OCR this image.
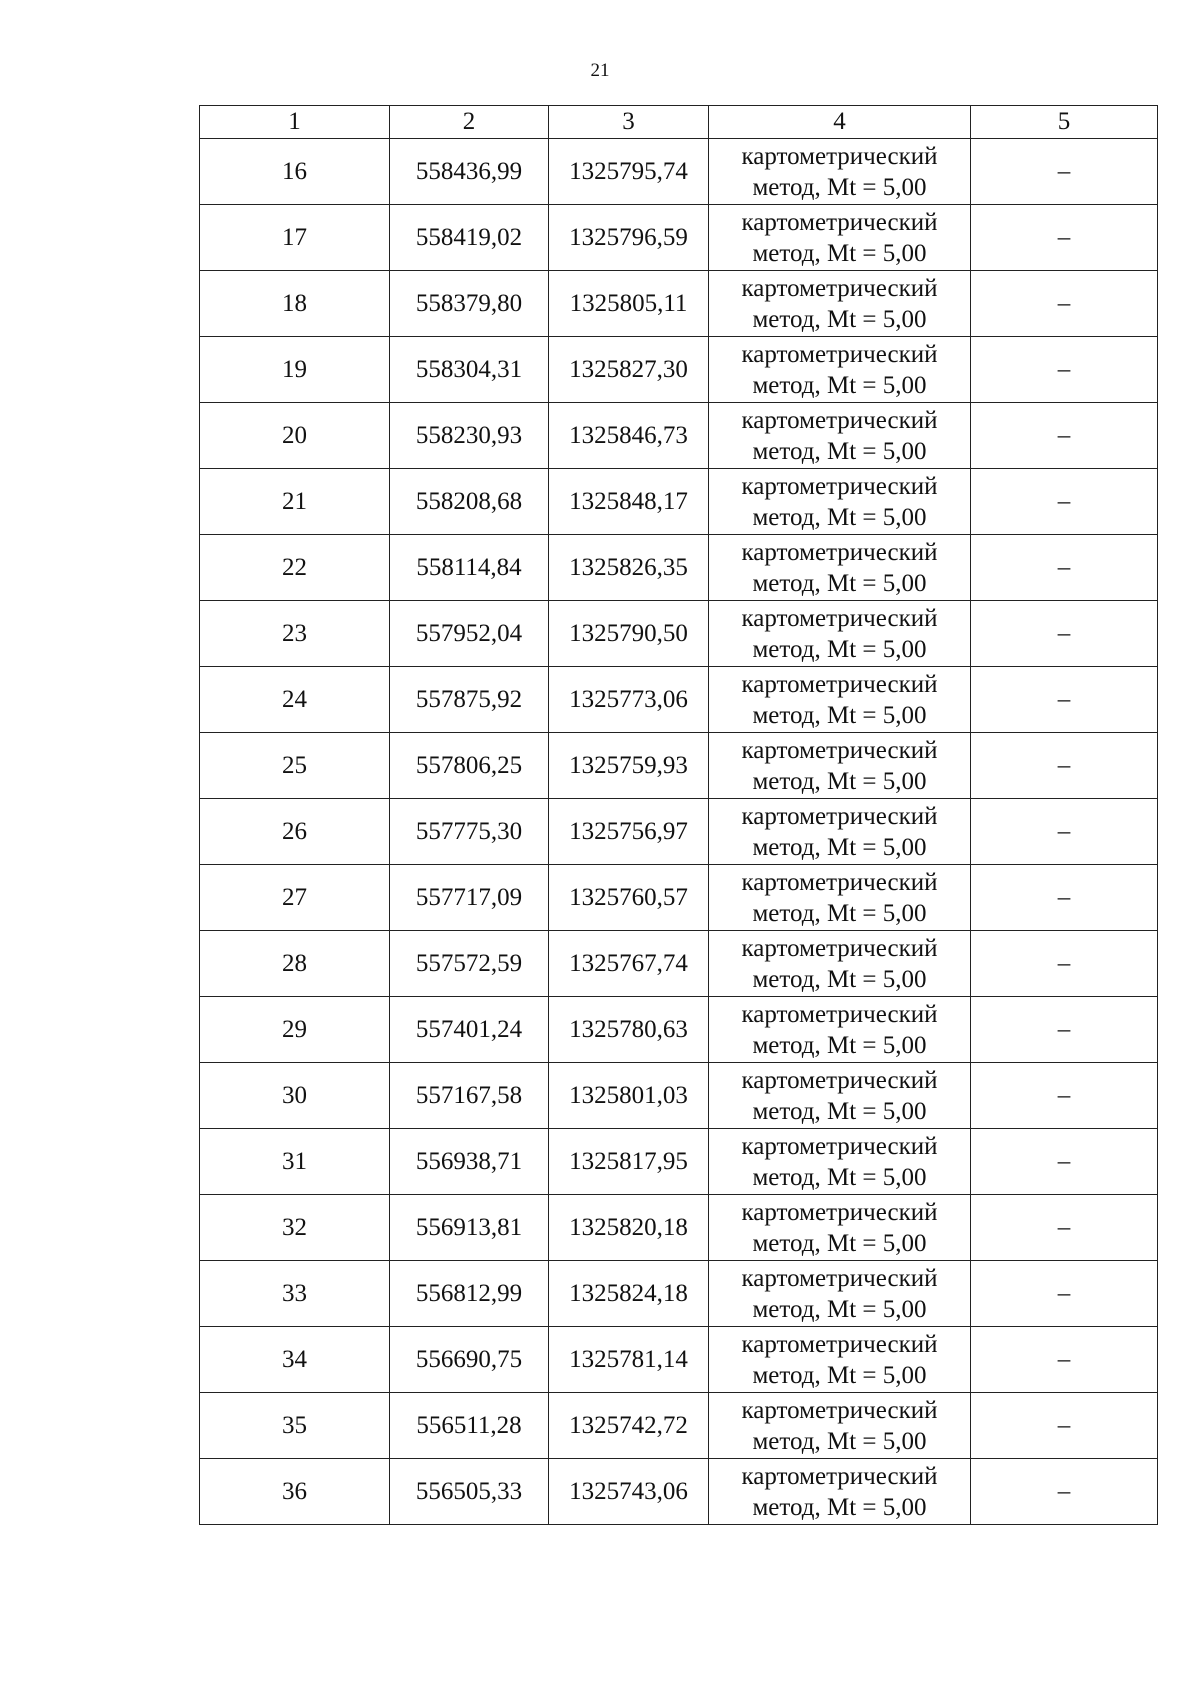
21
1	2	3	4	5
16	558436,99	1325795,74	картометрический
метод, Mt = 5,00	–
17	558419,02	1325796,59	картометрический
метод, Mt = 5,00	–
18	558379,80	1325805,11	картометрический
метод, Mt = 5,00	–
19	558304,31	1325827,30	картометрический
метод, Mt = 5,00	–
20	558230,93	1325846,73	картометрический
метод, Mt = 5,00	–
21	558208,68	1325848,17	картометрический
метод, Mt = 5,00	–
22	558114,84	1325826,35	картометрический
метод, Mt = 5,00	–
23	557952,04	1325790,50	картометрический
метод, Mt = 5,00	–
24	557875,92	1325773,06	картометрический
метод, Mt = 5,00	–
25	557806,25	1325759,93	картометрический
метод, Mt = 5,00	–
26	557775,30	1325756,97	картометрический
метод, Mt = 5,00	–
27	557717,09	1325760,57	картометрический
метод, Mt = 5,00	–
28	557572,59	1325767,74	картометрический
метод, Mt = 5,00	–
29	557401,24	1325780,63	картометрический
метод, Mt = 5,00	–
30	557167,58	1325801,03	картометрический
метод, Mt = 5,00	–
31	556938,71	1325817,95	картометрический
метод, Mt = 5,00	–
32	556913,81	1325820,18	картометрический
метод, Mt = 5,00	–
33	556812,99	1325824,18	картометрический
метод, Mt = 5,00	–
34	556690,75	1325781,14	картометрический
метод, Mt = 5,00	–
35	556511,28	1325742,72	картометрический
метод, Mt = 5,00	–
36	556505,33	1325743,06	картометрический
метод, Mt = 5,00	–
